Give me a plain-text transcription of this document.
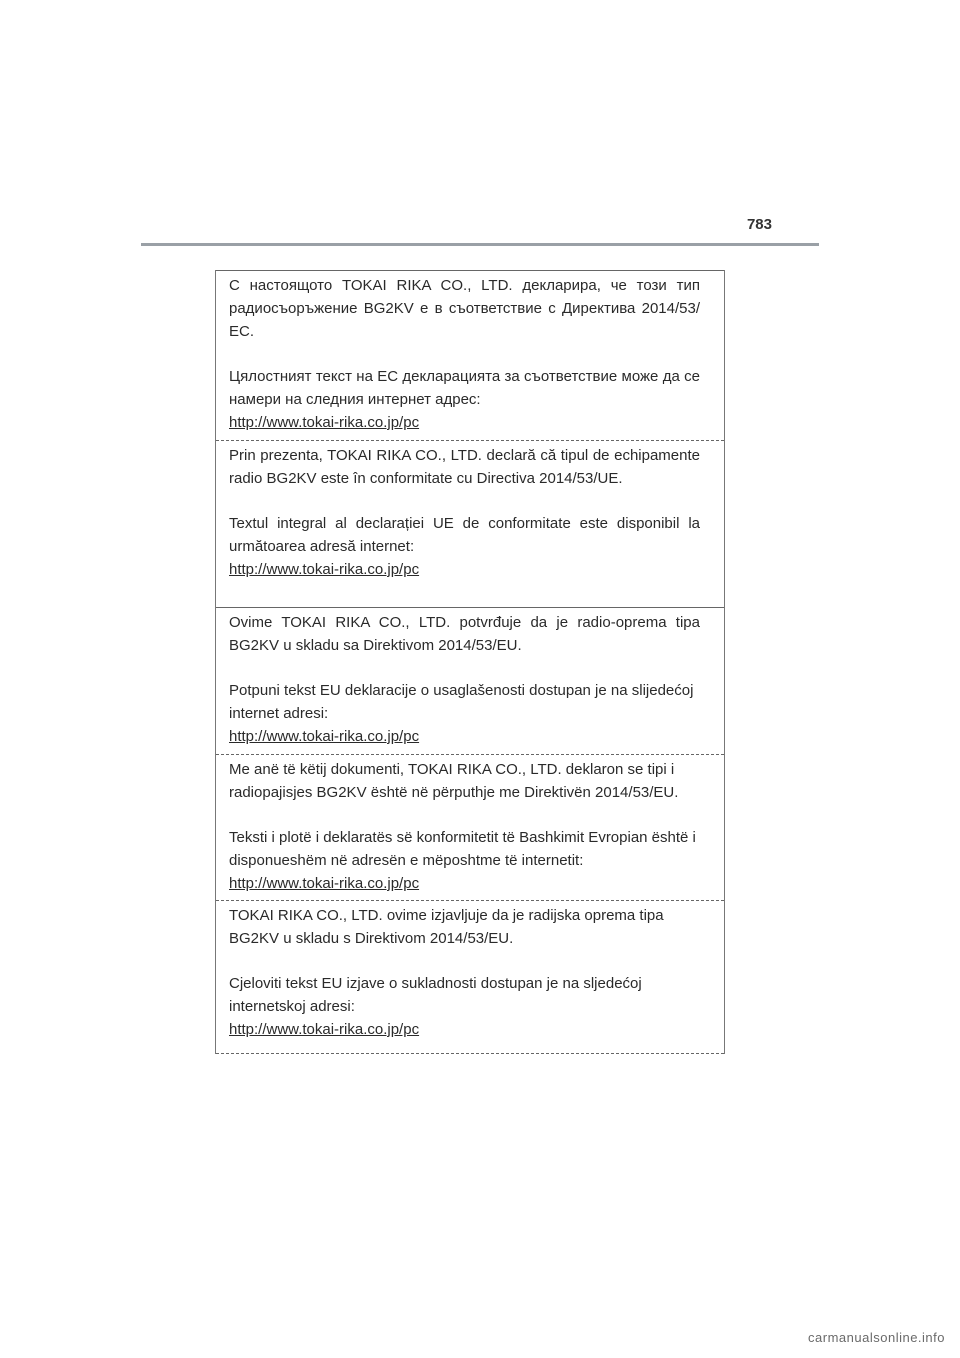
783

С настоящото TOKAI RIKA CO., LTD. декларира, че този тип радиосъоръжение BG2KV е в съответствие с Директива 2014/53/ЕС.

Цялостният текст на ЕС декларацията за съответствие може да се намери на следния интернет адрес:

http://www.tokai-rika.co.jp/pc

Prin prezenta, TOKAI RIKA CO., LTD. declară că tipul de echipamente radio BG2KV este în conformitate cu Directiva 2014/53/UE.

Textul integral al declarației UE de conformitate este disponibil la următoarea adresă internet:

http://www.tokai-rika.co.jp/pc

Ovime TOKAI RIKA CO., LTD. potvrđuje da je radio-oprema tipa BG2KV u skladu sa Direktivom 2014/53/EU.

Potpuni tekst EU deklaracije o usaglašenosti dostupan je na slijedećoj internet adresi:

http://www.tokai-rika.co.jp/pc

Me anë të këtij dokumenti, TOKAI RIKA CO., LTD. deklaron se tipi i radiopajisjes BG2KV është në përputhje me Direktivën 2014/53/EU.

Teksti i plotë i deklaratës së konformitetit të Bashkimit Evropian është i disponueshëm në adresën e mëposhtme të internetit:

http://www.tokai-rika.co.jp/pc

TOKAI RIKA CO., LTD. ovime izjavljuje da je radijska oprema tipa BG2KV u skladu s Direktivom 2014/53/EU.

Cjeloviti tekst EU izjave o sukladnosti dostupan je na sljedećoj internetskoj adresi:

http://www.tokai-rika.co.jp/pc
carmanualsonline.info
